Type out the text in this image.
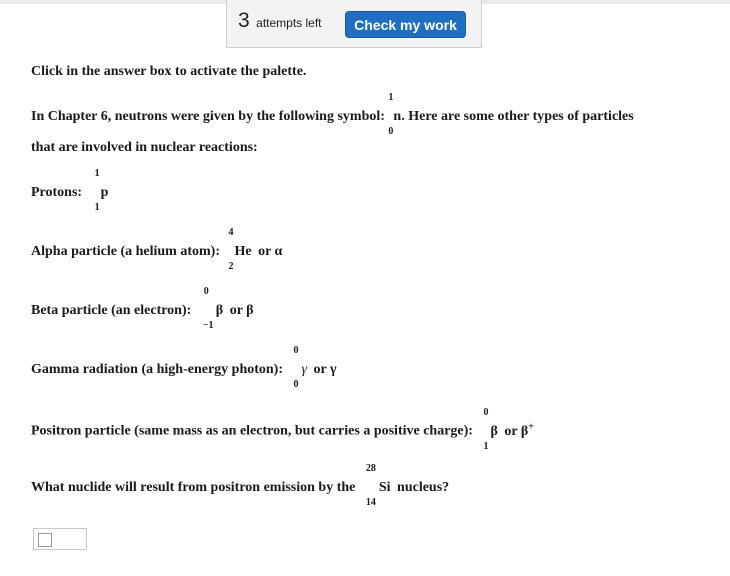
3 attempts left	Check my work
Click in the answer box to activate the palette.
In Chapter 6, neutrons were given by the following symbol:
1
0
n. Here are some other types of particles
that are involved in nuclear reactions:
Protons:
1
1
p
Alpha particle (a helium atom):
4
2
He or α
Beta particle (an electron):
0
−1
β or β
Gamma radiation (a high-energy photon):
0
0
γ or γ
Positron particle (same mass as an electron, but carries a positive charge):
0
1
β or β+
What nuclide will result from positron emission by the
28
14
Si nucleus?
